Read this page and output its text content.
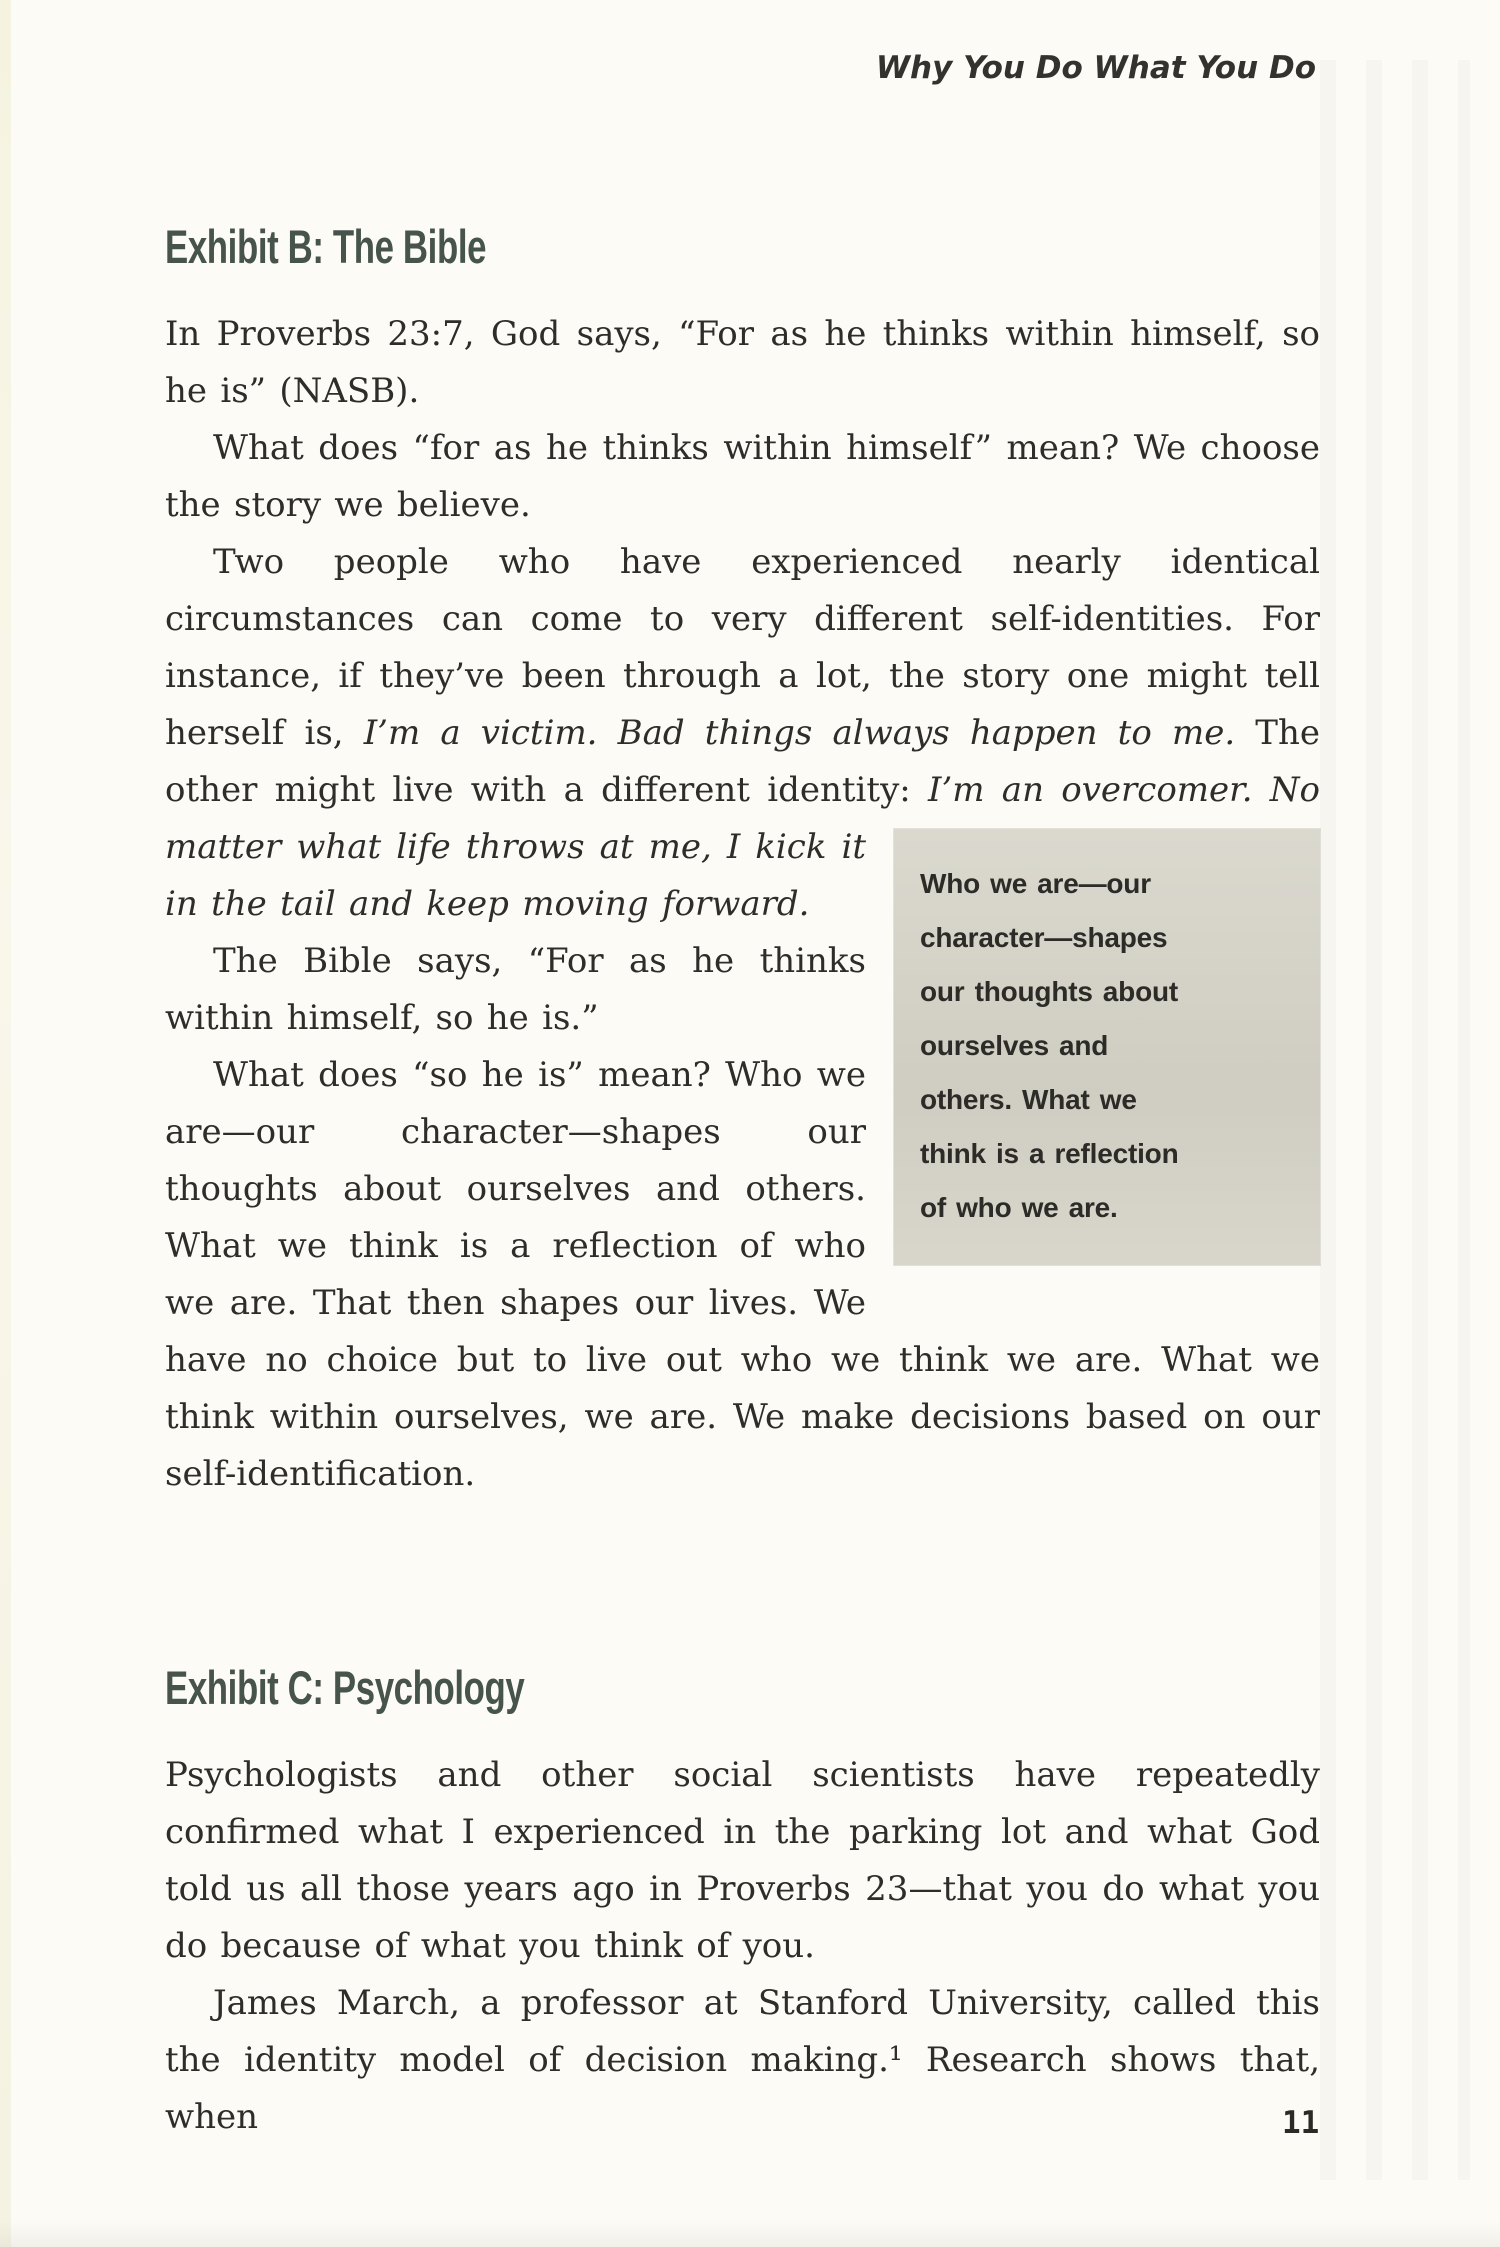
Why You Do What You Do
Exhibit B: The Bible

In Proverbs 23:7, God says, “For as he thinks within himself, so he is” (NASB).

What does “for as he thinks within himself” mean? We choose the story we believe.

Two people who have experienced nearly identical circumstances can come to very different self-identities. For instance, if they’ve been through a lot, the story one might tell herself is, I’m a victim. Bad things always happen to me. The other might live with a different identity: I’m an overcomer. No matter what life throws
Who we are—our
character—shapes
our thoughts about
ourselves and
others. What we
think is a reflection
of who we are.
at me, I kick it in the tail and keep moving forward.

The Bible says, “For as he thinks within himself, so he is.”

What does “so he is” mean? Who we are—our character—shapes our thoughts about ourselves and others. What we think is a reflection of who we are. That then shapes our lives. We have no choice but to live out who we think we are. What we think within ourselves, we are. We make decisions based on our self-identification.

Exhibit C: Psychology

Psychologists and other social scientists have repeatedly confirmed what I experienced in the parking lot and what God told us all those years ago in Proverbs 23—that you do what you do because of what you think of you.

James March, a professor at Stanford University, called this the identity model of decision making.¹ Research shows that, when	11
